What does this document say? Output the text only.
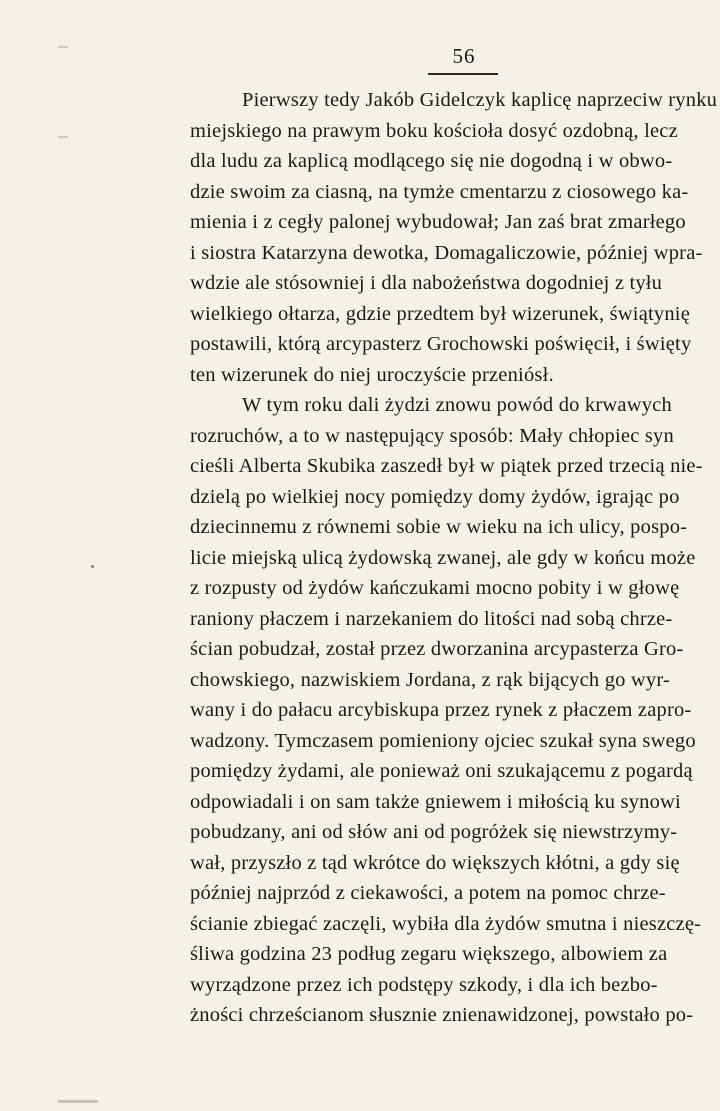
56
Pierwszy tedy Jakób Gidelczyk kaplicę naprzeciw rynku
miejskiego na prawym boku kościoła dosyć ozdobną, lecz
dla ludu za kaplicą modlącego się nie dogodną i w obwo-
dzie swoim za ciasną, na tymże cmentarzu z ciosowego ka-
mienia i z cegły palonej wybudował; Jan zaś brat zmarłego
i siostra Katarzyna dewotka, Domagaliczowie, później wpra-
wdzie ale stósowniej i dla nabożeństwa dogodniej z tyłu
wielkiego ołtarza, gdzie przedtem był wizerunek, świątynię
postawili, którą arcypasterz Grochowski poświęcił, i święty
ten wizerunek do niej uroczyście przeniósł.
W tym roku dali żydzi znowu powód do krwawych
rozruchów, a to w następujący sposób: Mały chłopiec syn
cieśli Alberta Skubika zaszedł był w piątek przed trzecią nie-
dzielą po wielkiej nocy pomiędzy domy żydów, igrając po
dziecinnemu z równemi sobie w wieku na ich ulicy, pospo-
licie miejską ulicą żydowską zwanej, ale gdy w końcu może
z rozpusty od żydów kańczukami mocno pobity i w głowę
raniony płaczem i narzekaniem do litości nad sobą chrze-
ścian pobudzał, został przez dworzanina arcypasterza Gro-
chowskiego, nazwiskiem Jordana, z rąk bijących go wyr-
wany i do pałacu arcybiskupa przez rynek z płaczem zapro-
wadzony. Tymczasem pomieniony ojciec szukał syna swego
pomiędzy żydami, ale ponieważ oni szukającemu z pogardą
odpowiadali i on sam także gniewem i miłością ku synowi
pobudzany, ani od słów ani od pogróżek się niewstrzymy-
wał, przyszło z tąd wkrótce do większych kłótni, a gdy się
później najprzód z ciekawości, a potem na pomoc chrze-
ścianie zbiegać zaczęli, wybiła dla żydów smutna i nieszczę-
śliwa godzina 23 podług zegaru większego, albowiem za
wyrządzone przez ich podstępy szkody, i dla ich bezbo-
żności chrześcianom słusznie znienawidzonej, powstało po-
